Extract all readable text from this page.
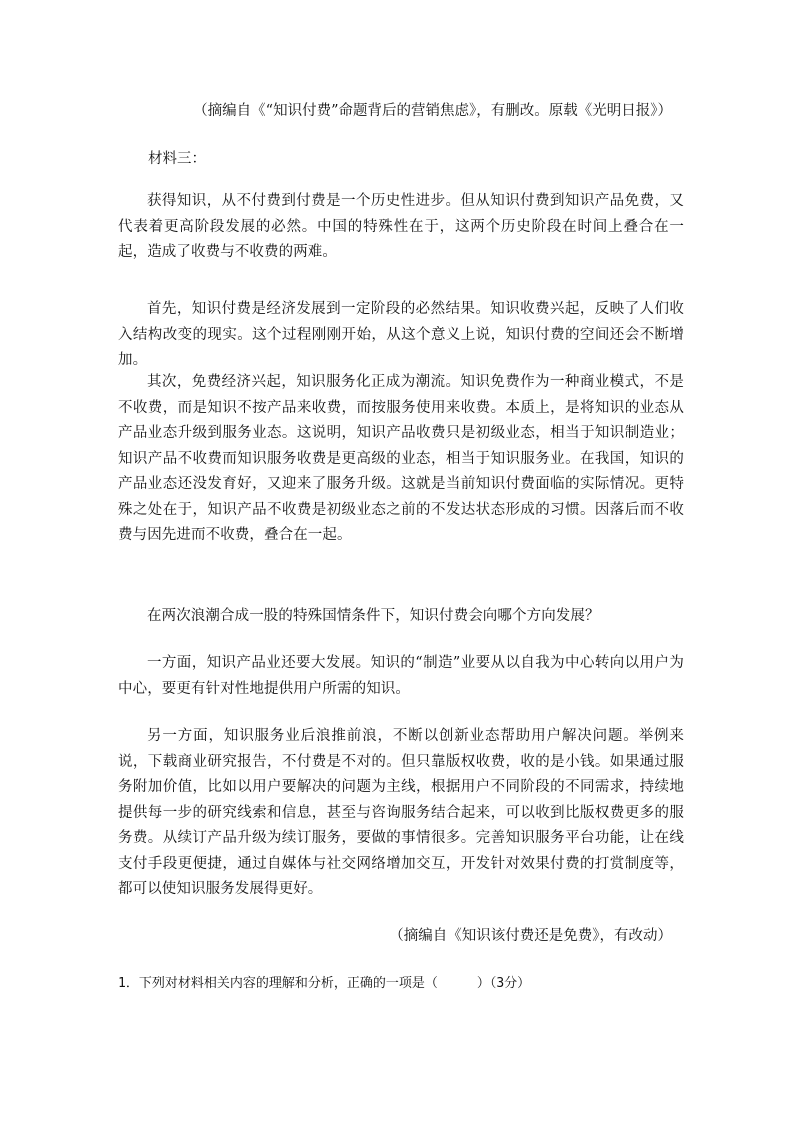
（摘编自《“知识付费”命题背后的营销焦虑》，有删改。原载《光明日报》）

材料三：

获得知识，从不付费到付费是一个历史性进步。但从知识付费到知识产品免费，又代表着更高阶段发展的必然。中国的特殊性在于，这两个历史阶段在时间上叠合在一起，造成了收费与不收费的两难。

首先，知识付费是经济发展到一定阶段的必然结果。知识收费兴起，反映了人们收入结构改变的现实。这个过程刚刚开始，从这个意义上说，知识付费的空间还会不断增加。

其次，免费经济兴起，知识服务化正成为潮流。知识免费作为一种商业模式，不是不收费，而是知识不按产品来收费，而按服务使用来收费。本质上，是将知识的业态从产品业态升级到服务业态。这说明，知识产品收费只是初级业态，相当于知识制造业；知识产品不收费而知识服务收费是更高级的业态，相当于知识服务业。在我国，知识的产品业态还没发育好，又迎来了服务升级。这就是当前知识付费面临的实际情况。更特殊之处在于，知识产品不收费是初级业态之前的不发达状态形成的习惯。因落后而不收费与因先进而不收费，叠合在一起。

在两次浪潮合成一股的特殊国情条件下，知识付费会向哪个方向发展？

一方面，知识产品业还要大发展。知识的“制造”业要从以自我为中心转向以用户为中心，要更有针对性地提供用户所需的知识。

另一方面，知识服务业后浪推前浪，不断以创新业态帮助用户解决问题。举例来说，下载商业研究报告，不付费是不对的。但只靠版权收费，收的是小钱。如果通过服务附加价值，比如以用户要解决的问题为主线，根据用户不同阶段的不同需求，持续地提供每一步的研究线索和信息，甚至与咨询服务结合起来，可以收到比版权费更多的服务费。从续订产品升级为续订服务，要做的事情很多。完善知识服务平台功能，让在线支付手段更便捷，通过自媒体与社交网络增加交互，开发针对效果付费的打赏制度等，都可以使知识服务发展得更好。

（摘编自《知识该付费还是免费》，有改动）

1．下列对材料相关内容的理解和分析，正确的一项是（　　　）（3分）
